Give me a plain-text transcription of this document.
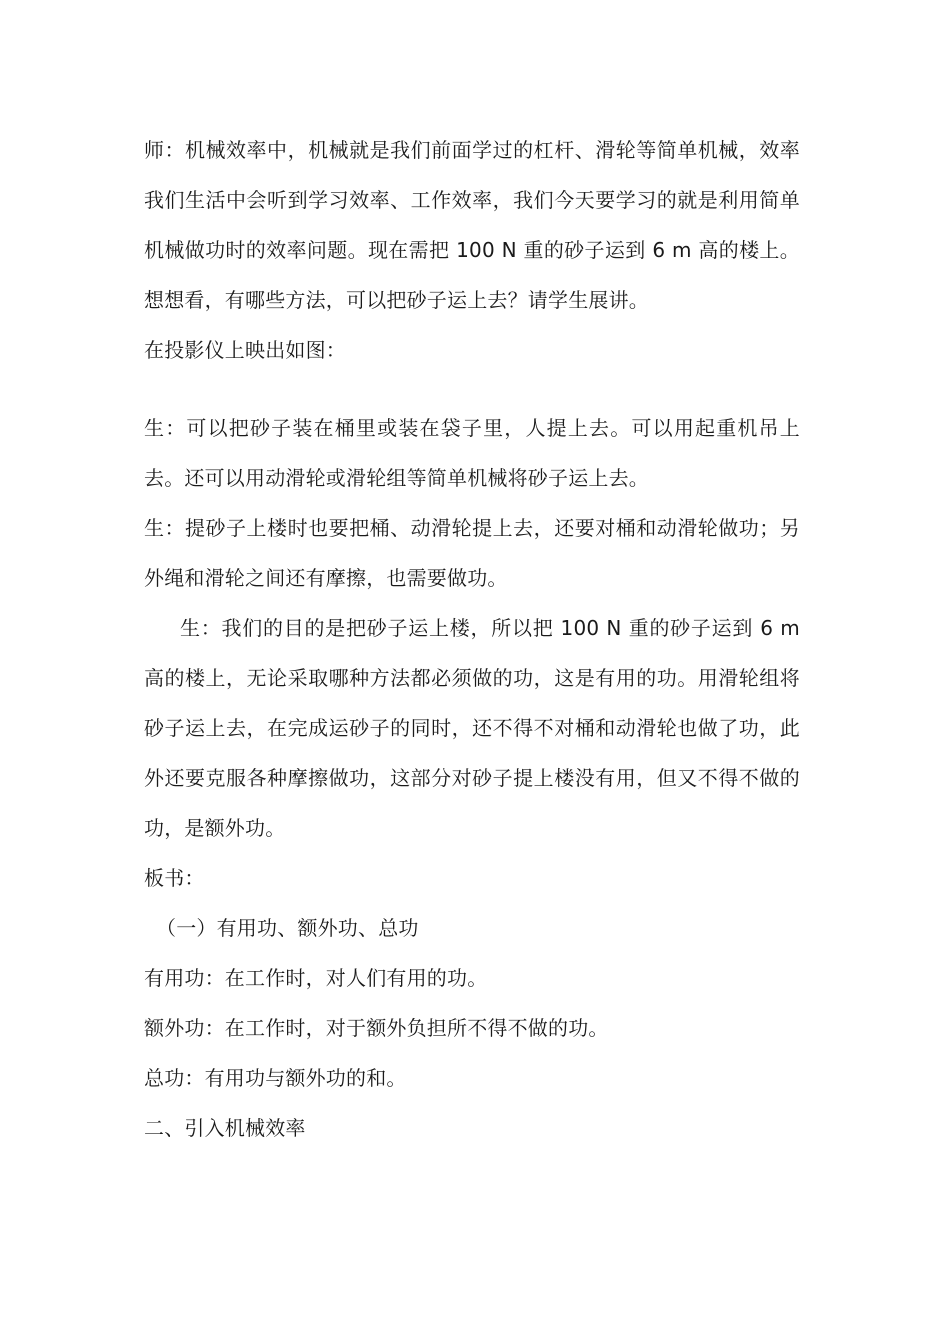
师：机械效率中，机械就是我们前面学过的杠杆、滑轮等简单机械，效率我们生活中会听到学习效率、工作效率，我们今天要学习的就是利用简单机械做功时的效率问题。现在需把 100 N 重的砂子运到 6 m 高的楼上。想想看，有哪些方法，可以把砂子运上去？请学生展讲。

在投影仪上映出如图：

生：可以把砂子装在桶里或装在袋子里，人提上去。可以用起重机吊上去。还可以用动滑轮或滑轮组等简单机械将砂子运上去。

生：提砂子上楼时也要把桶、动滑轮提上去，还要对桶和动滑轮做功；另外绳和滑轮之间还有摩擦，也需要做功。

生：我们的目的是把砂子运上楼，所以把 100 N 重的砂子运到 6 m 高的楼上，无论采取哪种方法都必须做的功，这是有用的功。用滑轮组将砂子运上去，在完成运砂子的同时，还不得不对桶和动滑轮也做了功，此外还要克服各种摩擦做功，这部分对砂子提上楼没有用，但又不得不做的功，是额外功。

板书：

（一）有用功、额外功、总功

有用功：在工作时，对人们有用的功。

额外功：在工作时，对于额外负担所不得不做的功。

总功：有用功与额外功的和。

二、引入机械效率
